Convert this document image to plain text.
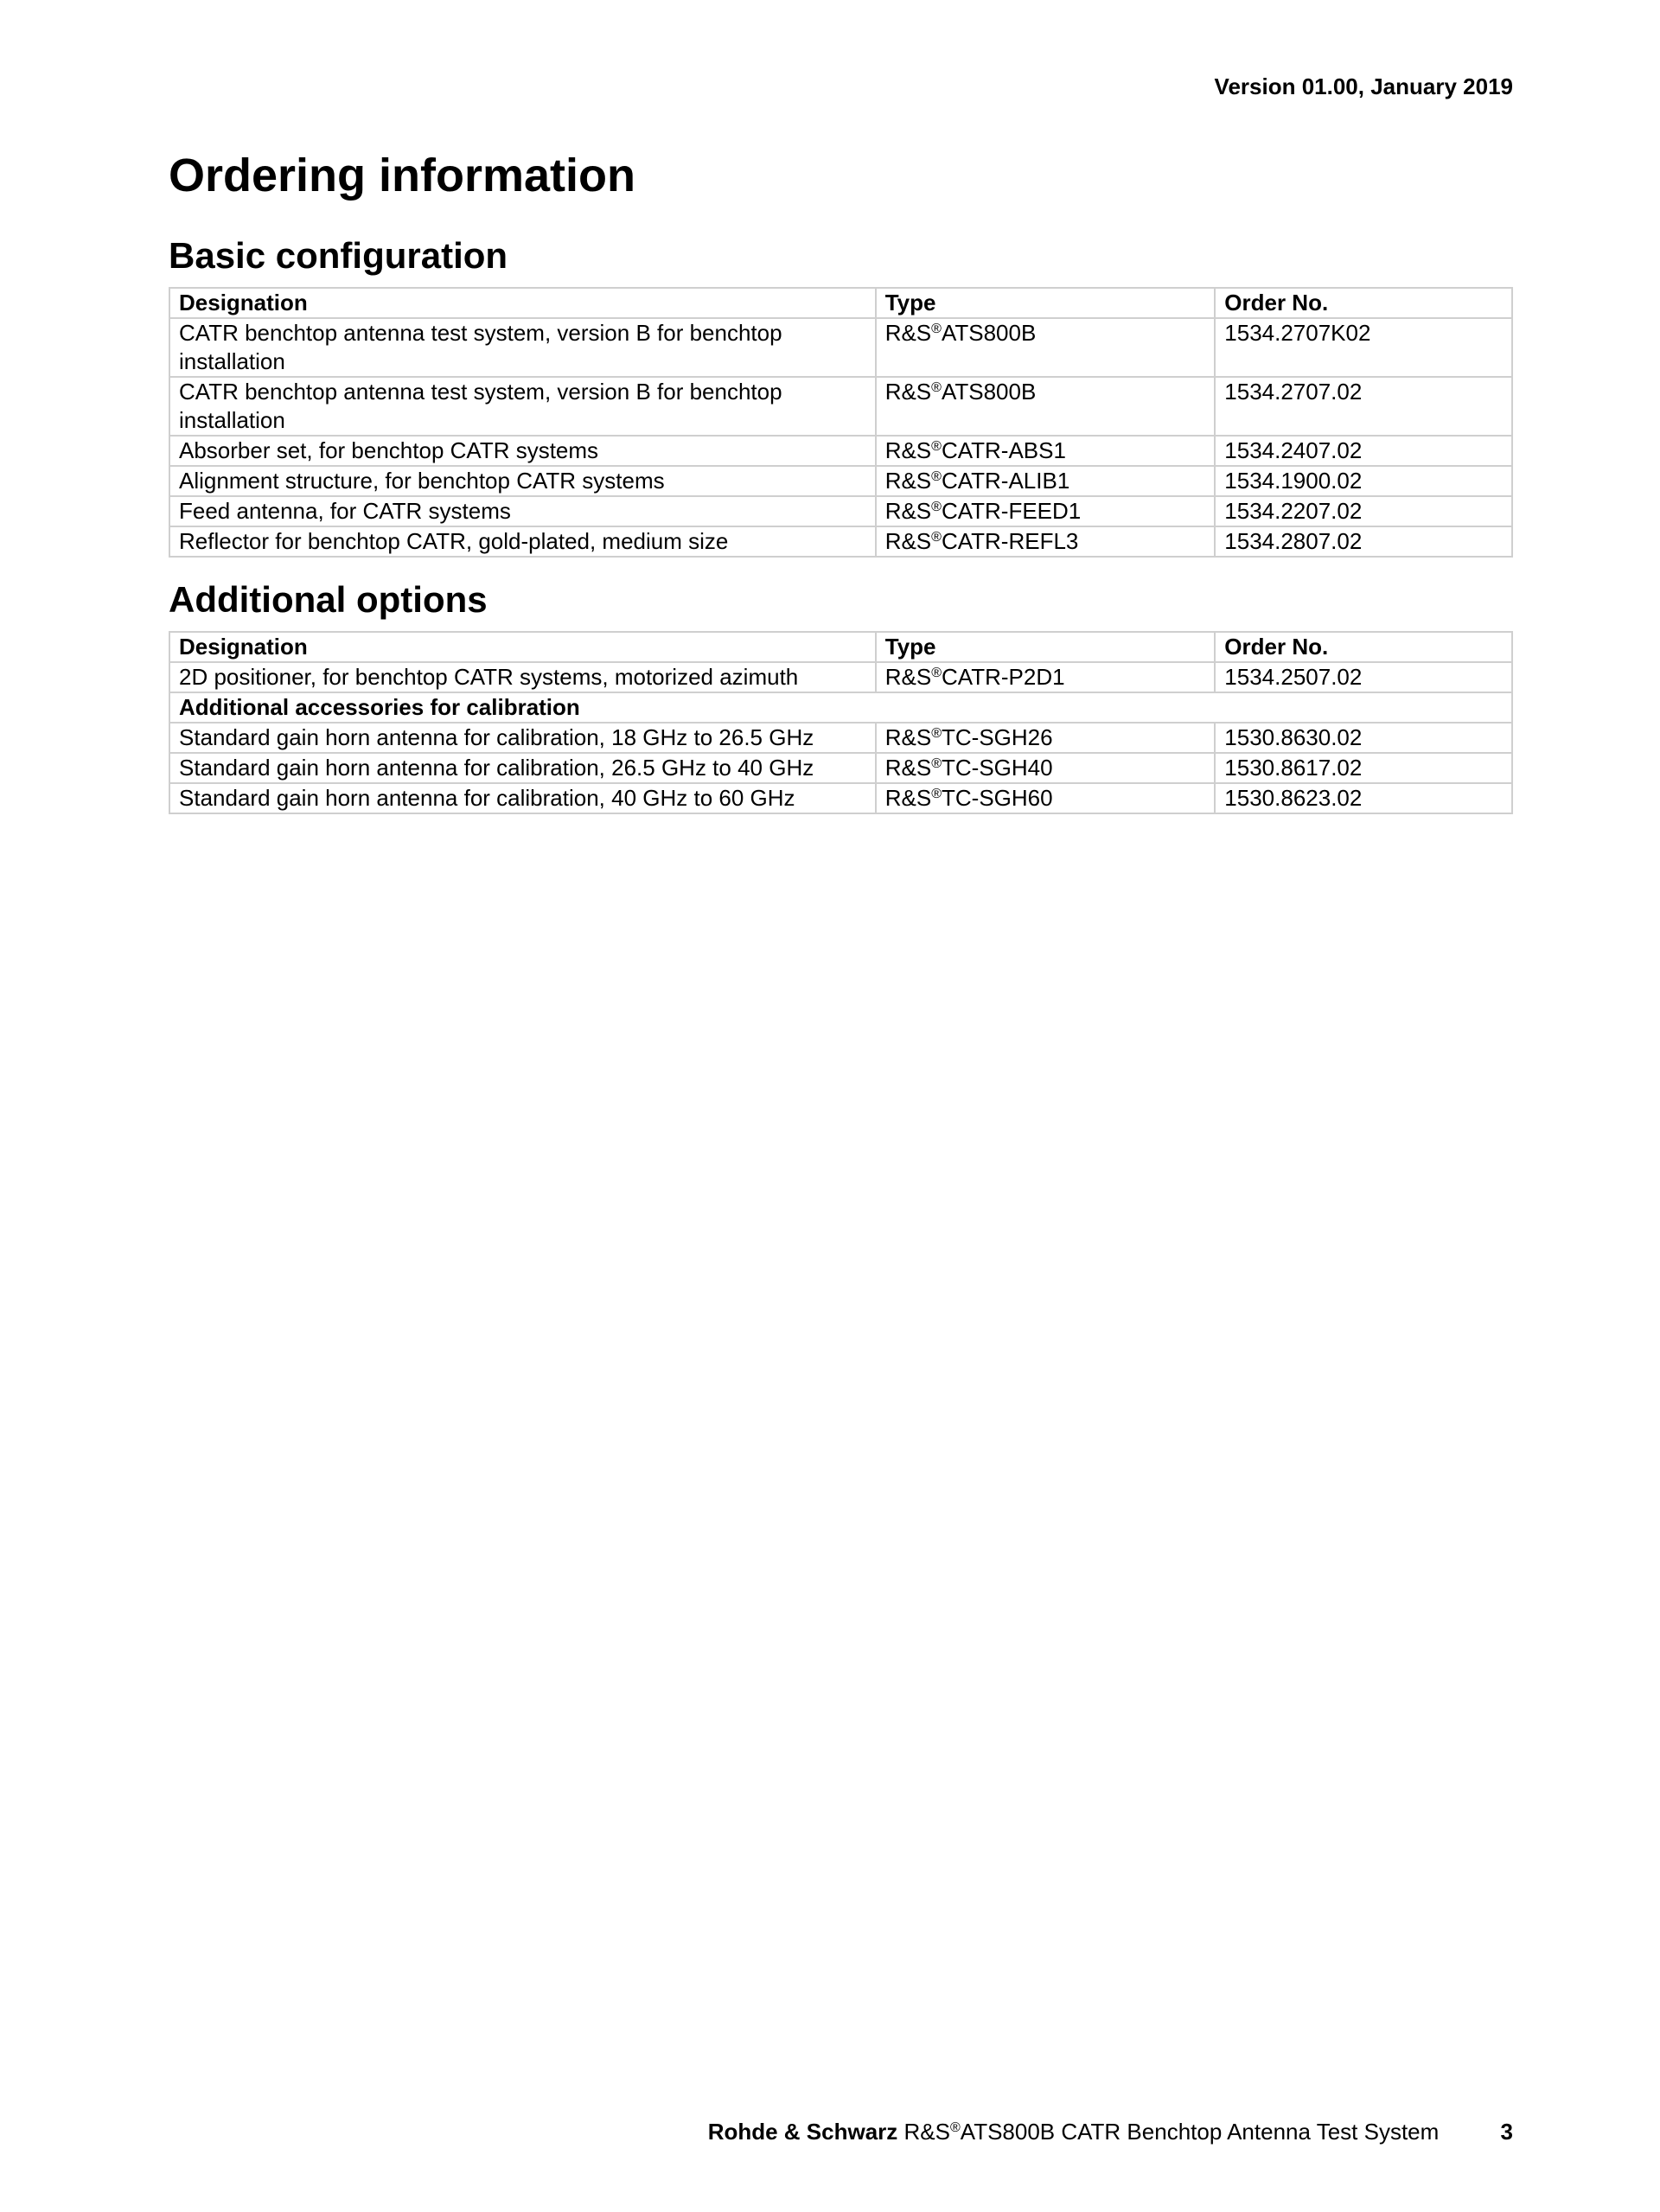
Version 01.00, January 2019
Ordering information
Basic configuration
Designation	Type	Order No.
CATR benchtop antenna test system, version B for benchtop installation	R&S®ATS800B	1534.2707K02
CATR benchtop antenna test system, version B for benchtop installation	R&S®ATS800B	1534.2707.02
Absorber set, for benchtop CATR systems	R&S®CATR-ABS1	1534.2407.02
Alignment structure, for benchtop CATR systems	R&S®CATR-ALIB1	1534.1900.02
Feed antenna, for CATR systems	R&S®CATR-FEED1	1534.2207.02
Reflector for benchtop CATR, gold-plated, medium size	R&S®CATR-REFL3	1534.2807.02
Additional options
Designation	Type	Order No.
2D positioner, for benchtop CATR systems, motorized azimuth	R&S®CATR-P2D1	1534.2507.02
Additional accessories for calibration		
Standard gain horn antenna for calibration, 18 GHz to 26.5 GHz	R&S®TC-SGH26	1530.8630.02
Standard gain horn antenna for calibration, 26.5 GHz to 40 GHz	R&S®TC-SGH40	1530.8617.02
Standard gain horn antenna for calibration, 40 GHz to 60 GHz	R&S®TC-SGH60	1530.8623.02
Rohde & Schwarz R&S®ATS800B CATR Benchtop Antenna Test System	3
